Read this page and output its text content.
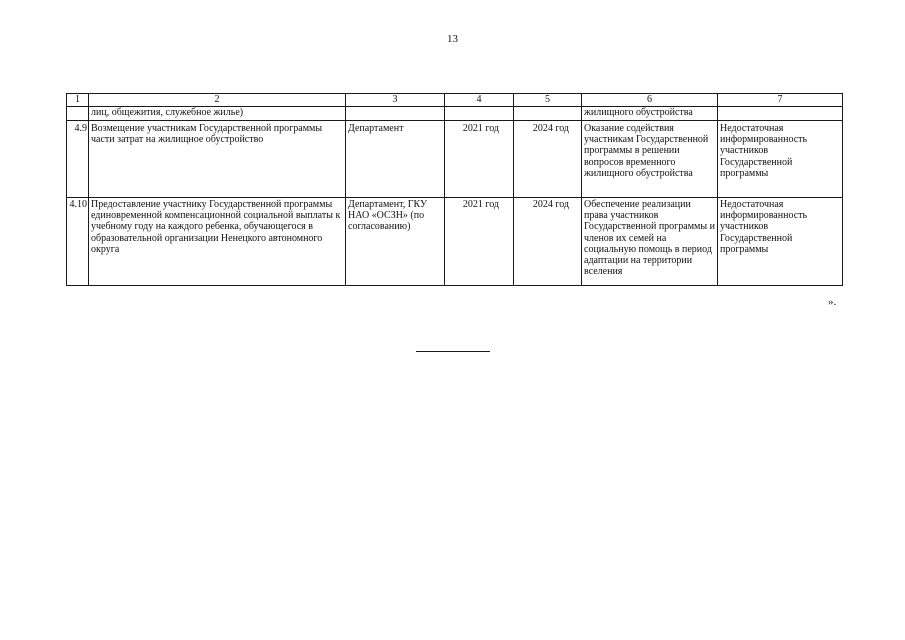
13
1	2	3	4	5	6	7
	лиц, общежития, служебное жилье)				жилищного обустройства	
4.9	Возмещение участникам Государственной программы части затрат на жилищное обустройство	Департамент	2021 год	2024 год	Оказание содействия участникам Государственной программы в решении вопросов временного жилищного обустройства	Недостаточная информированность участников Государственной программы
4.10	Предоставление участнику Государственной программы единовременной компенсационной социальной выплаты к учебному году на каждого ребенка, обучающегося в образовательной организации Ненецкого автономного округа	Департамент, ГКУ НАО «ОСЗН» (по согласованию)	2021 год	2024 год	Обеспечение реализации права участников Государственной программы и членов их семей на социальную помощь в период адаптации на территории вселения	Недостаточная информированность участников Государственной программы
».
